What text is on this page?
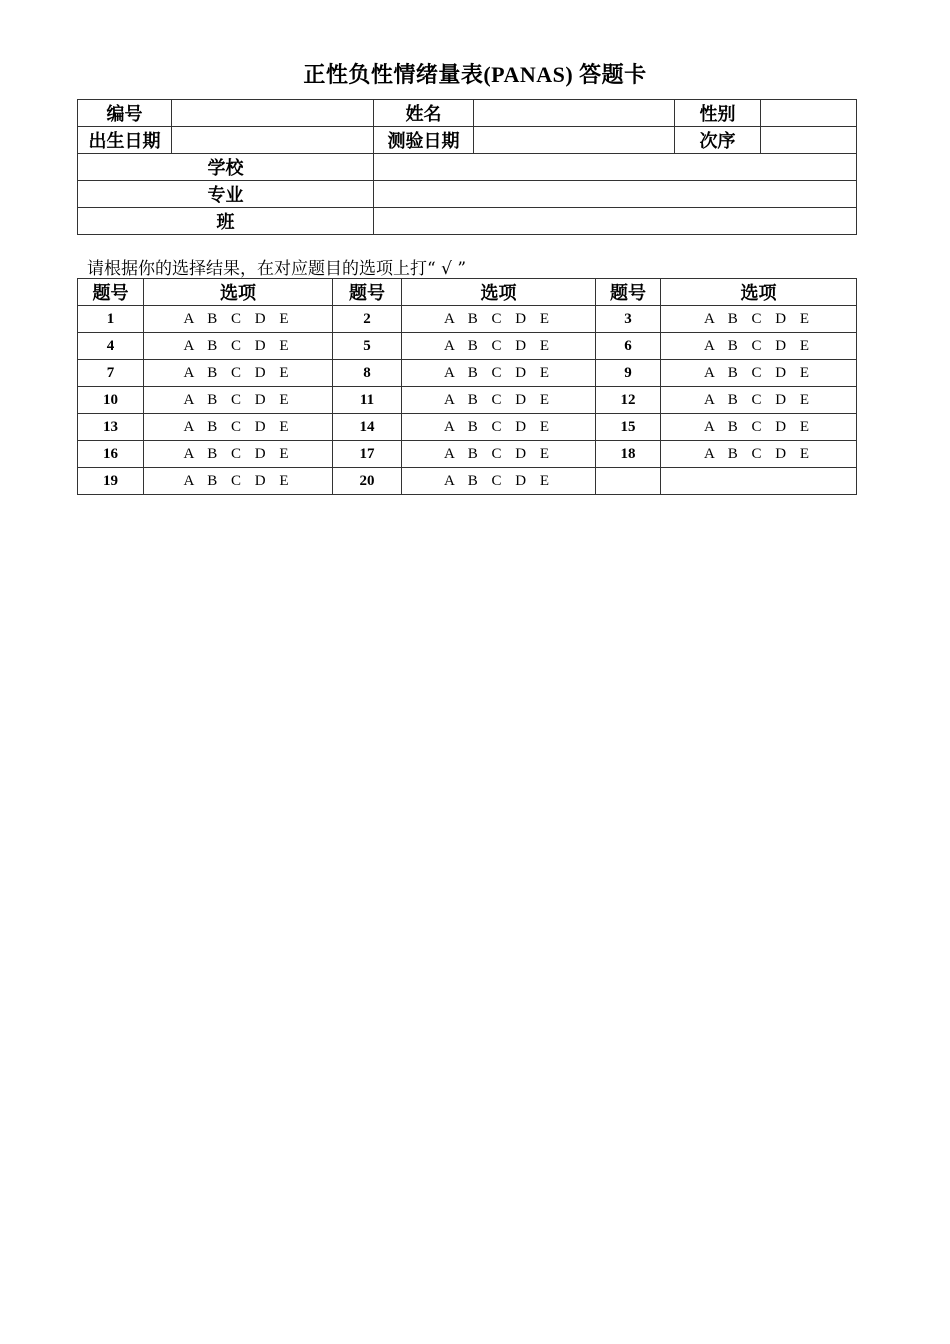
正性负性情绪量表(PANAS) 答题卡
编号		姓名		性别	
出生日期		测验日期		次序	
学校					
专业					
班					
请根据你的选择结果，在对应题目的选项上打“ √ ”
题号	选项	题号	选项	题号	选项
1	A B C D E	2	A B C D E	3	A B C D E
4	A B C D E	5	A B C D E	6	A B C D E
7	A B C D E	8	A B C D E	9	A B C D E
10	A B C D E	11	A B C D E	12	A B C D E
13	A B C D E	14	A B C D E	15	A B C D E
16	A B C D E	17	A B C D E	18	A B C D E
19	A B C D E	20	A B C D E		
